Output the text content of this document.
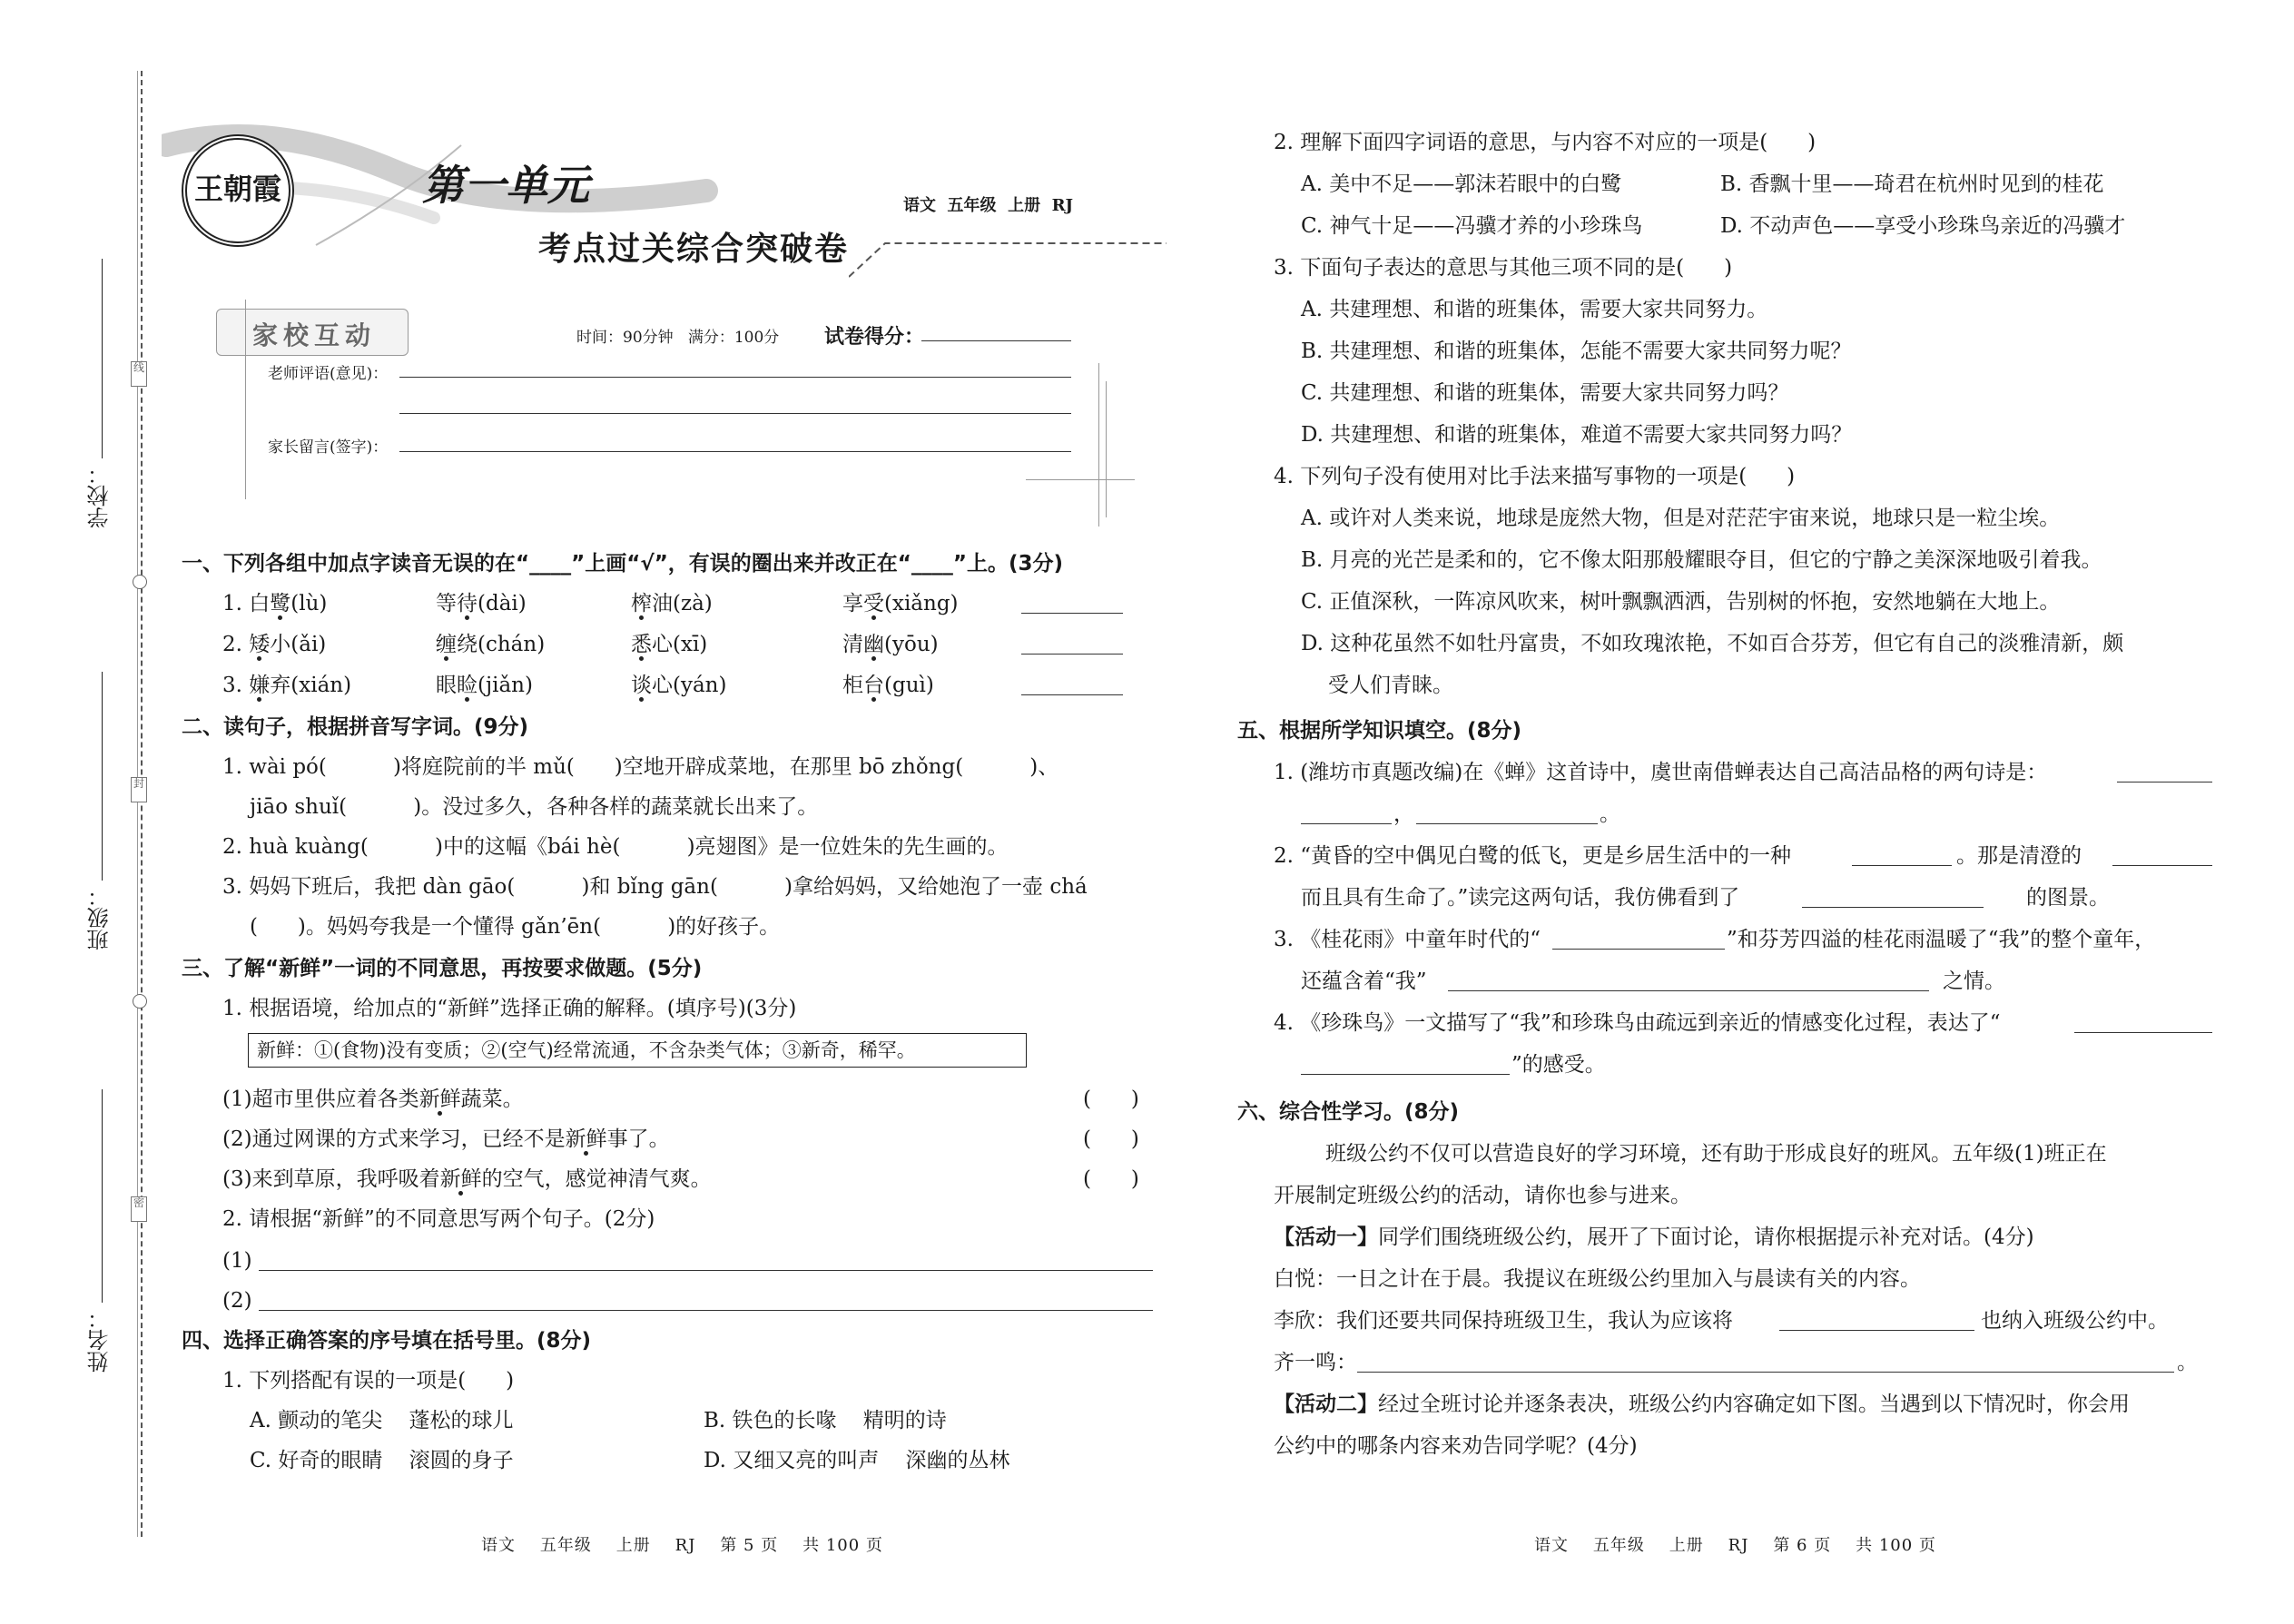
学校：
班级：
姓名：
线
封
密
王朝霞	第一单元
考点过关综合突破卷
语文  五年级  上册  RJ
家校互动	时间：90分钟   满分：100分 试卷得分：
老师评语(意见)：
家长留言(签字)：
一、下列各组中加点字读音无误的在“____”上画“√”，有误的圈出来并改正在“____”上。(3分)
1. 白鹭(lù)	等待(dài)	榨油(zà)	享受(xiǎng)
2. 矮小(ǎi)	缠绕(chán)	悉心(xī)	清幽(yōu)
3. 嫌弃(xián)	眼睑(jiǎn)	谈心(yán)	柜台(guì)
二、读句子，根据拼音写字词。(9分)
1. wài pó(          )将庭院前的半 mǔ(      )空地开辟成菜地，在那里 bō zhǒng(          )、
jiāo shuǐ(          )。没过多久，各种各样的蔬菜就长出来了。
2. huà kuàng(          )中的这幅《bái hè(          )亮翅图》是一位姓朱的先生画的。
3. 妈妈下班后，我把 dàn gāo(          )和 bǐng gān(          )拿给妈妈，又给她泡了一壶 chá
(      )。妈妈夸我是一个懂得 gǎn’ēn(          )的好孩子。
三、了解“新鲜”一词的不同意思，再按要求做题。(5分)
1. 根据语境，给加点的“新鲜”选择正确的解释。(填序号)(3分)
新鲜：①(食物)没有变质；②(空气)经常流通，不含杂类气体；③新奇，稀罕。
(1)超市里供应着各类新鲜蔬菜。	(      )
(2)通过网课的方式来学习，已经不是新鲜事了。	(      )
(3)来到草原，我呼吸着新鲜的空气，感觉神清气爽。	(      )
2. 请根据“新鲜”的不同意思写两个句子。(2分)
(1)
(2)
四、选择正确答案的序号填在括号里。(8分)
1. 下列搭配有误的一项是(      )
A. 颤动的笔尖    蓬松的球儿	B. 铁色的长喙    精明的诗
C. 好奇的眼睛    滚圆的身子	D. 又细又亮的叫声    深幽的丛林
语文    五年级    上册    RJ    第 5 页    共 100 页
2. 理解下面四字词语的意思，与内容不对应的一项是(      )
A. 美中不足——郭沫若眼中的白鹭	B. 香飘十里——琦君在杭州时见到的桂花
C. 神气十足——冯骥才养的小珍珠鸟	D. 不动声色——享受小珍珠鸟亲近的冯骥才
3. 下面句子表达的意思与其他三项不同的是(      )
A. 共建理想、和谐的班集体，需要大家共同努力。
B. 共建理想、和谐的班集体，怎能不需要大家共同努力呢？
C. 共建理想、和谐的班集体，需要大家共同努力吗？
D. 共建理想、和谐的班集体，难道不需要大家共同努力吗？
4. 下列句子没有使用对比手法来描写事物的一项是(      )
A. 或许对人类来说，地球是庞然大物，但是对茫茫宇宙来说，地球只是一粒尘埃。
B. 月亮的光芒是柔和的，它不像太阳那般耀眼夺目，但它的宁静之美深深地吸引着我。
C. 正值深秋，一阵凉风吹来，树叶飘飘洒洒，告别树的怀抱，安然地躺在大地上。
D. 这种花虽然不如牡丹富贵，不如玫瑰浓艳，不如百合芬芳，但它有自己的淡雅清新，颇
受人们青睐。
五、根据所学知识填空。(8分)
1. (潍坊市真题改编)在《蝉》这首诗中，虞世南借蝉表达自己高洁品格的两句诗是：
，	。
2. “黄昏的空中偶见白鹭的低飞，更是乡居生活中的一种	。那是清澄的
而且具有生命了。”读完这两句话，我仿佛看到了	的图景。
3. 《桂花雨》中童年时代的“	”和芬芳四溢的桂花雨温暖了“我”的整个童年，
还蕴含着“我”	之情。
4. 《珍珠鸟》一文描写了“我”和珍珠鸟由疏远到亲近的情感变化过程，表达了“
”的感受。
六、综合性学习。(8分)
班级公约不仅可以营造良好的学习环境，还有助于形成良好的班风。五年级(1)班正在
开展制定班级公约的活动，请你也参与进来。
【活动一】同学们围绕班级公约，展开了下面讨论，请你根据提示补充对话。(4分)
白悦：一日之计在于晨。我提议在班级公约里加入与晨读有关的内容。
李欣：我们还要共同保持班级卫生，我认为应该将	也纳入班级公约中。
齐一鸣：	。
【活动二】经过全班讨论并逐条表决，班级公约内容确定如下图。当遇到以下情况时，你会用
公约中的哪条内容来劝告同学呢？(4分)
语文    五年级    上册    RJ    第 6 页    共 100 页
